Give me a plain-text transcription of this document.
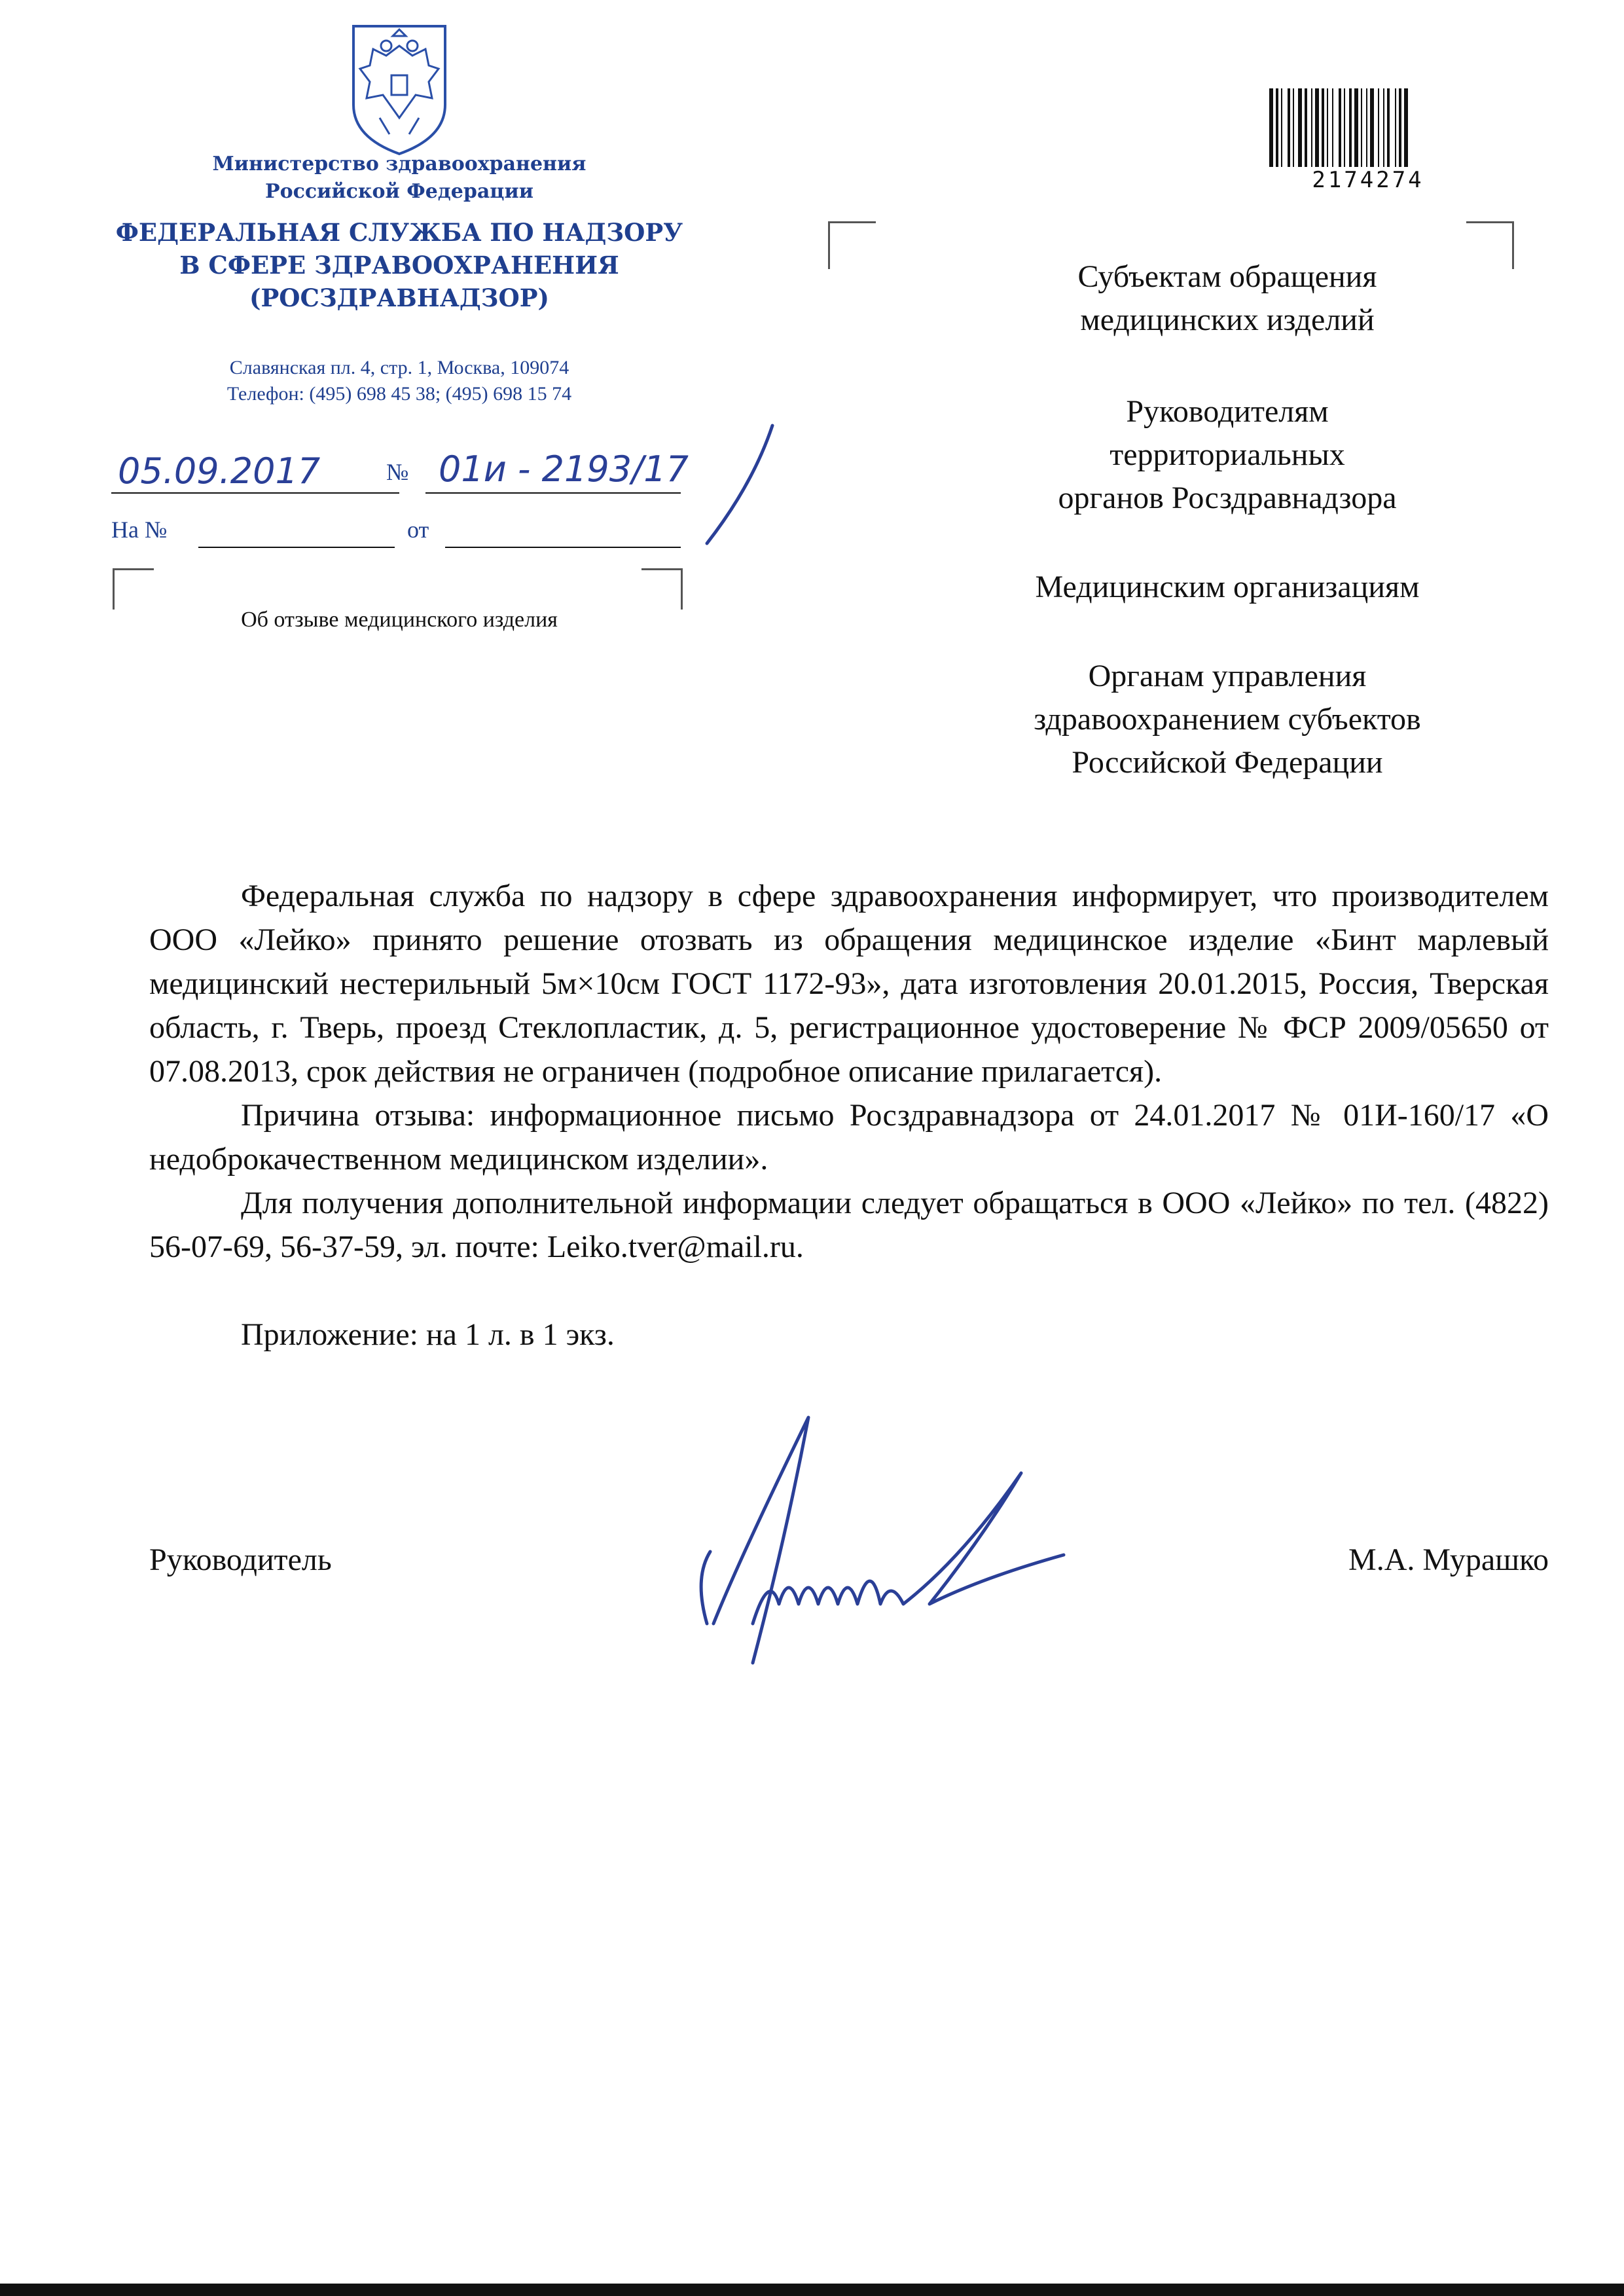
Министерство здравоохранения
Российской Федерации
ФЕДЕРАЛЬНАЯ СЛУЖБА ПО НАДЗОРУ
В СФЕРЕ ЗДРАВООХРАНЕНИЯ
(РОСЗДРАВНАДЗОР)
Славянская пл. 4, стр. 1, Москва, 109074
Телефон: (495) 698 45 38; (495) 698 15 74
05.09.2017	№ 01и - 2193/17
На №	от
Об отзыве медицинского изделия
2174274
Субъектам обращения
медицинских изделий
Руководителям
территориальных
органов Росздравнадзора
Медицинским организациям
Органам управления
здравоохранением субъектов
Российской Федерации
Федеральная служба по надзору в сфере здравоохранения информирует, что производителем ООО «Лейко» принято решение отозвать из обращения медицинское изделие «Бинт марлевый медицинский нестерильный 5м×10см ГОСТ 1172-93», дата изготовления 20.01.2015, Россия, Тверская область, г. Тверь, проезд Стеклопластик, д. 5, регистрационное удостоверение № ФСР 2009/05650 от 07.08.2013, срок действия не ограничен (подробное описание прилагается).
Причина отзыва: информационное письмо Росздравнадзора от 24.01.2017 № 01И-160/17 «О недоброкачественном медицинском изделии».
Для получения дополнительной информации следует обращаться в ООО «Лейко» по тел. (4822) 56-07-69, 56-37-59, эл. почте: Leiko.tver@mail.ru.
Приложение: на 1 л. в 1 экз.
Руководитель	М.А. Мурашко
